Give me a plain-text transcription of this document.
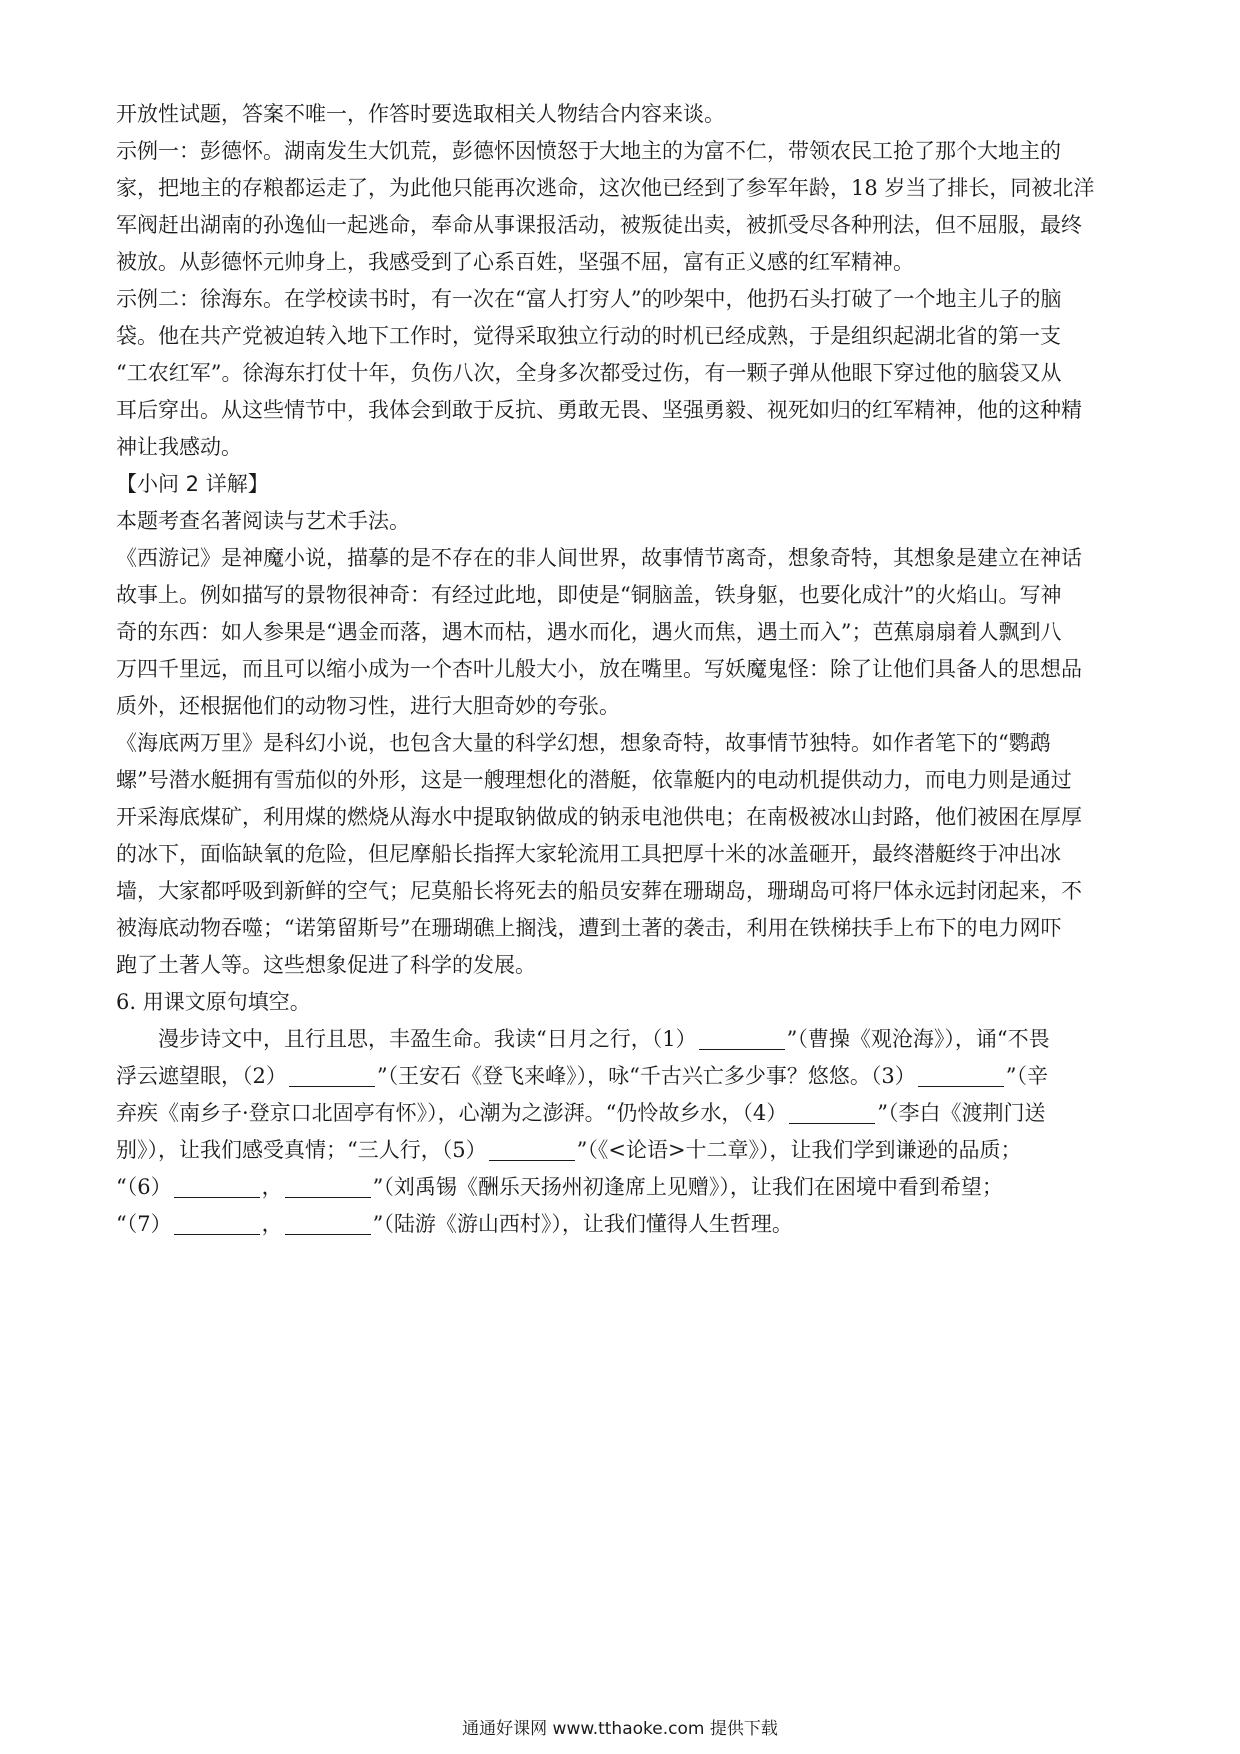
开放性试题，答案不唯一，作答时要选取相关人物结合内容来谈。
示例一：彭德怀。湖南发生大饥荒，彭德怀因愤怒于大地主的为富不仁，带领农民工抢了那个大地主的
家，把地主的存粮都运走了，为此他只能再次逃命，这次他已经到了参军年龄，18 岁当了排长，同被北洋
军阀赶出湖南的孙逸仙一起逃命，奉命从事课报活动，被叛徒出卖，被抓受尽各种刑法，但不屈服，最终
被放。从彭德怀元帅身上，我感受到了心系百姓，坚强不屈，富有正义感的红军精神。
示例二：徐海东。在学校读书时，有一次在“富人打穷人”的吵架中，他扔石头打破了一个地主儿子的脑
袋。他在共产党被迫转入地下工作时，觉得采取独立行动的时机已经成熟，于是组织起湖北省的第一支
“工农红军”。徐海东打仗十年，负伤八次，全身多次都受过伤，有一颗子弹从他眼下穿过他的脑袋又从
耳后穿出。从这些情节中，我体会到敢于反抗、勇敢无畏、坚强勇毅、视死如归的红军精神，他的这种精
神让我感动。
【小问 2 详解】
本题考查名著阅读与艺术手法。
《西游记》是神魔小说，描摹的是不存在的非人间世界，故事情节离奇，想象奇特，其想象是建立在神话
故事上。例如描写的景物很神奇：有经过此地，即使是“铜脑盖，铁身躯，也要化成汁”的火焰山。写神
奇的东西：如人参果是“遇金而落，遇木而枯，遇水而化，遇火而焦，遇土而入”；芭蕉扇扇着人飘到八
万四千里远，而且可以缩小成为一个杏叶儿般大小，放在嘴里。写妖魔鬼怪：除了让他们具备人的思想品
质外，还根据他们的动物习性，进行大胆奇妙的夸张。
《海底两万里》是科幻小说，也包含大量的科学幻想，想象奇特，故事情节独特。如作者笔下的“鹦鹉
螺”号潜水艇拥有雪茄似的外形，这是一艘理想化的潜艇，依靠艇内的电动机提供动力，而电力则是通过
开采海底煤矿，利用煤的燃烧从海水中提取钠做成的钠汞电池供电；在南极被冰山封路，他们被困在厚厚
的冰下，面临缺氧的危险，但尼摩船长指挥大家轮流用工具把厚十米的冰盖砸开，最终潜艇终于冲出冰
墙，大家都呼吸到新鲜的空气；尼莫船长将死去的船员安葬在珊瑚岛，珊瑚岛可将尸体永远封闭起来，不
被海底动物吞噬；“诺第留斯号”在珊瑚礁上搁浅，遭到土著的袭击，利用在铁梯扶手上布下的电力网吓
跑了土著人等。这些想象促进了科学的发展。
6. 用课文原句填空。
漫步诗文中，且行且思，丰盈生命。我读“日月之行，（1）	”（曹操《观沧海》），诵“不畏
浮云遮望眼，（2）	”（王安石《登飞来峰》），咏“千古兴亡多少事？悠悠。（3）	”（辛
弃疾《南乡子·登京口北固亭有怀》），心潮为之澎湃。“仍怜故乡水，（4）	”（李白《渡荆门送
别》），让我们感受真情；“三人行，（5）	”（《<论语>十二章》），让我们学到谦逊的品质；
“（6）	，	”（刘禹锡《酬乐天扬州初逢席上见赠》），让我们在困境中看到希望；
“（7）	，	”（陆游《游山西村》），让我们懂得人生哲理。
通通好课网 www.tthaoke.com 提供下载
